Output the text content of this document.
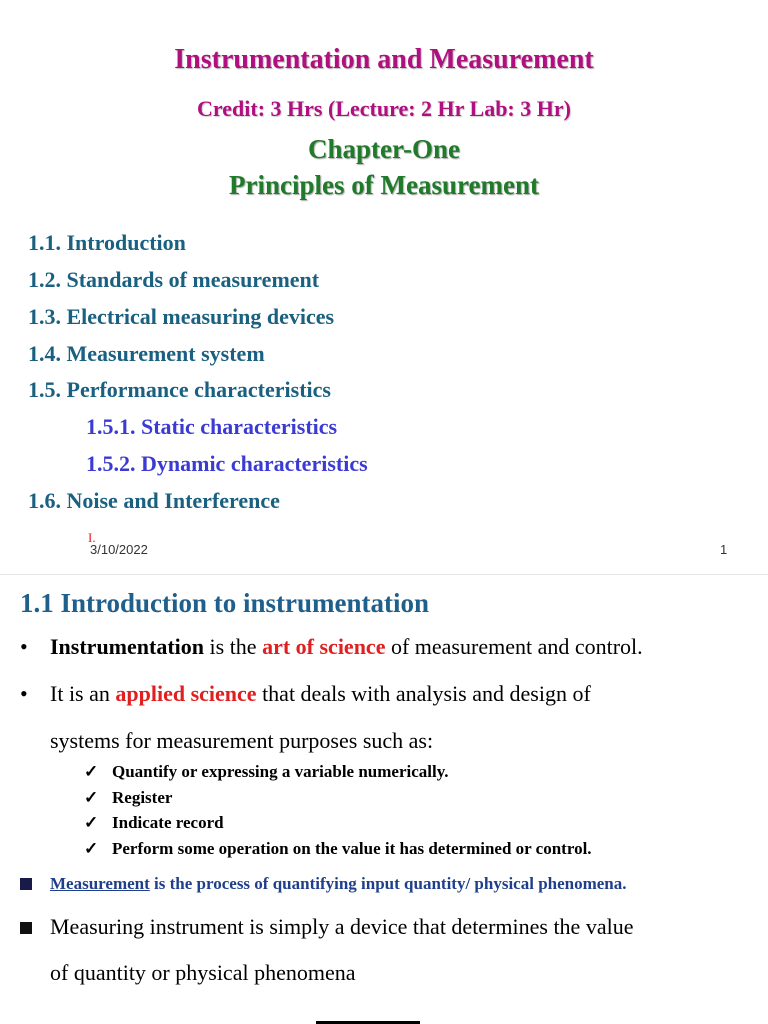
Instrumentation and Measurement
Credit: 3 Hrs (Lecture: 2 Hr Lab: 3 Hr)
Chapter-One
Principles of Measurement
1.1. Introduction
1.2. Standards of measurement
1.3. Electrical measuring devices
1.4. Measurement system
1.5. Performance characteristics
1.5.1. Static characteristics
1.5.2. Dynamic characteristics
1.6. Noise and Interference
I.
3/10/2022	1
1.1 Introduction to instrumentation
• Instrumentation is the art of science of measurement and control.
• It is an applied science that deals with analysis and design of
systems for measurement purposes such as:
✓ Quantify or expressing a variable numerically.
✓ Register
✓ Indicate record
✓ Perform some operation on the value it has determined or control.
Measurement is the process of quantifying input quantity/ physical phenomena.
Measuring instrument is simply a device that determines the value
of quantity or physical phenomena
